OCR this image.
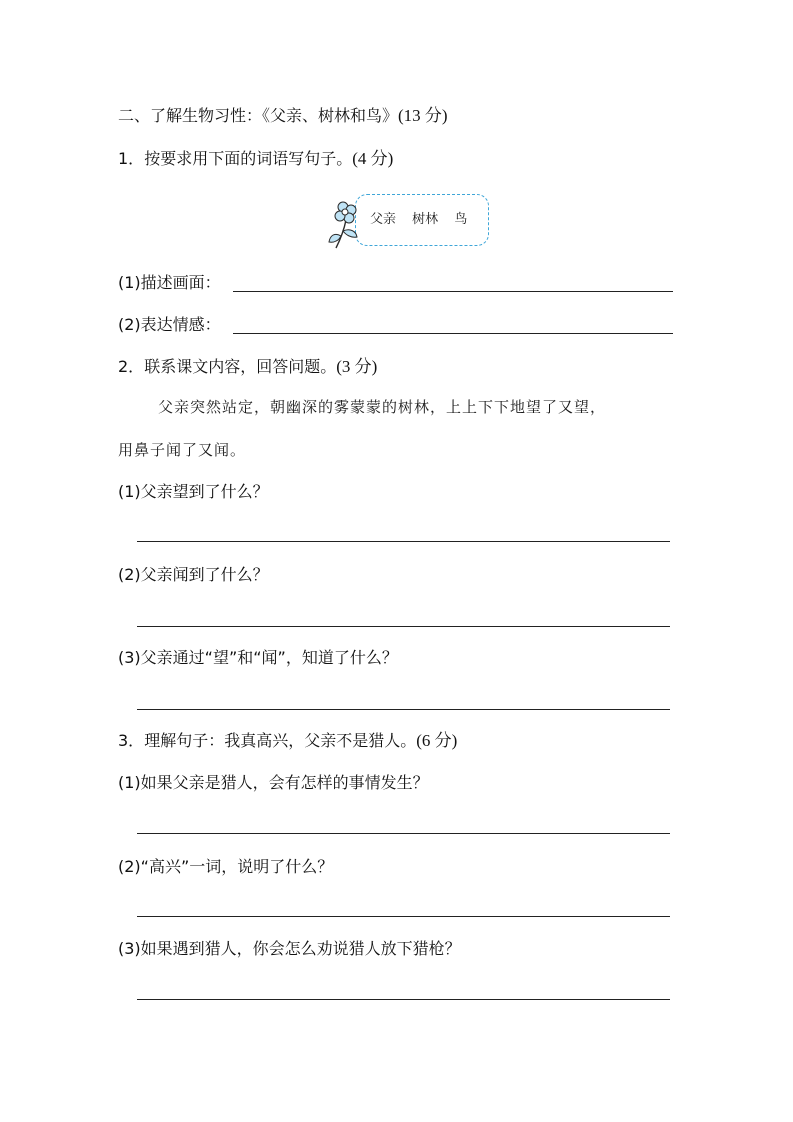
二、了解生物习性：《父亲、树林和鸟》(13 分)
1．按要求用下面的词语写句子。(4 分)
父亲 树林 鸟
(1)描述画面：
(2)表达情感：
2．联系课文内容，回答问题。(3 分)
父亲突然站定，朝幽深的雾蒙蒙的树林，上上下下地望了又望，
用鼻子闻了又闻。
(1)父亲望到了什么？
(2)父亲闻到了什么？
(3)父亲通过“望”和“闻”，知道了什么？
3．理解句子：我真高兴，父亲不是猎人。(6 分)
(1)如果父亲是猎人，会有怎样的事情发生？
(2)“高兴”一词，说明了什么？
(3)如果遇到猎人，你会怎么劝说猎人放下猎枪？
